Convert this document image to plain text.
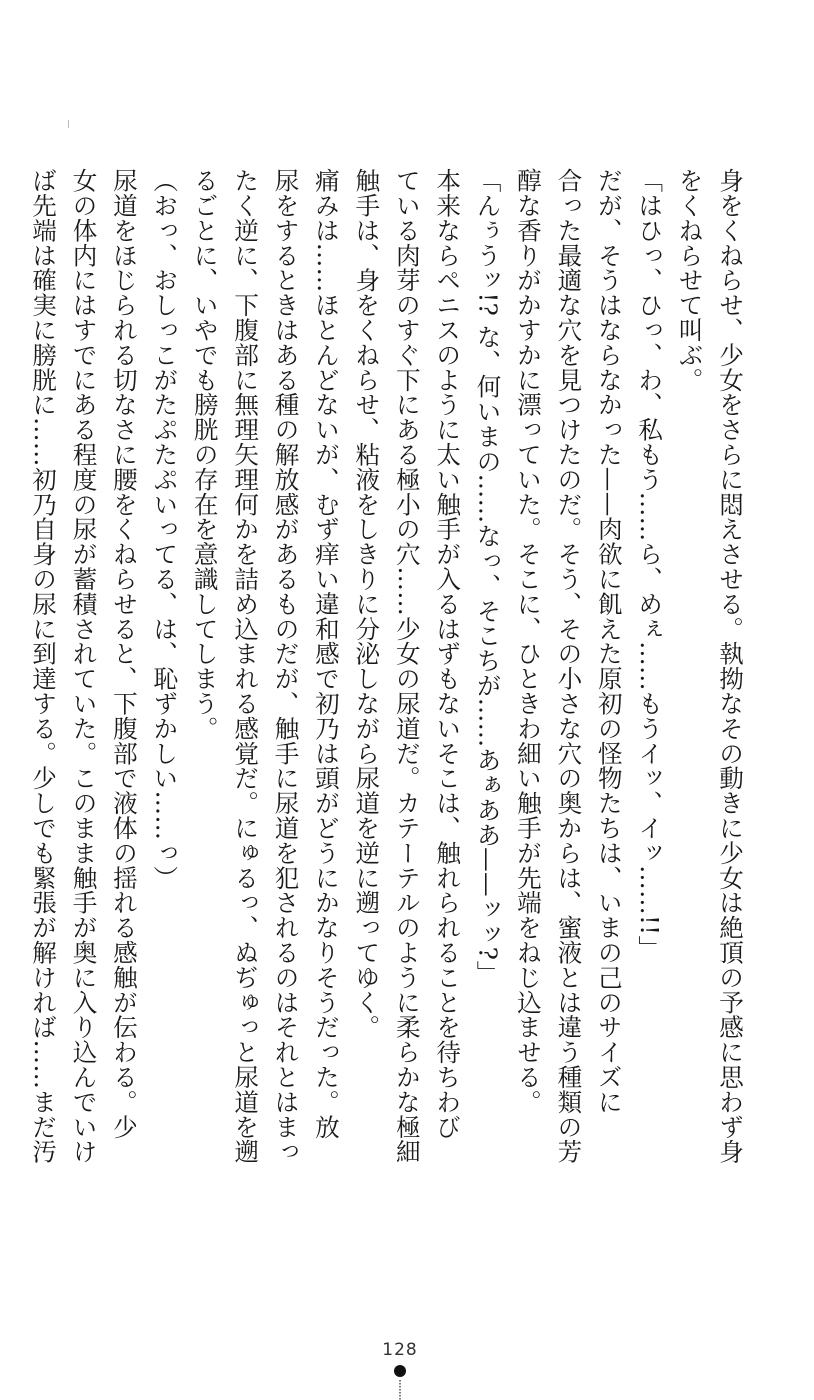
身をくねらせ、少女をさらに悶えさせる。執拗なその動きに少女は絶頂の予感に思わず身
をくねらせて叫ぶ。
「はひっ、ひっ、わ、私もう……ら、めぇ……もうイッ、イッ……!!」
だが、そうはならなかった——肉欲に飢えた原初の怪物たちは、いまの己のサイズに
合った最適な穴を見つけたのだ。そう、その小さな穴の奥からは、蜜液とは違う種類の芳
醇な香りがかすかに漂っていた。そこに、ひときわ細い触手が先端をねじ込ませる。
「んぅうッ!? な、何いまの……なっ、そこちが……あぁああ——ッッ?」
本来ならペニスのように太い触手が入るはずもないそこは、触れられることを待ちわび
ている肉芽のすぐ下にある極小の穴……少女の尿道だ。カテーテルのように柔らかな極細
触手は、身をくねらせ、粘液をしきりに分泌しながら尿道を逆に遡ってゆく。
痛みは……ほとんどないが、むず痒い違和感で初乃は頭がどうにかなりそうだった。放
尿をするときはある種の解放感があるものだが、触手に尿道を犯されるのはそれとはまっ
たく逆に、下腹部に無理矢理何かを詰め込まれる感覚だ。にゅるっ、ぬぢゅっと尿道を遡
るごとに、いやでも膀胱の存在を意識してしまう。
（おっ、おしっこがたぷたぷいってる、は、恥ずかしい……っ）
尿道をほじられる切なさに腰をくねらせると、下腹部で液体の揺れる感触が伝わる。少
女の体内にはすでにある程度の尿が蓄積されていた。このまま触手が奥に入り込んでいけ
ば先端は確実に膀胱に……初乃自身の尿に到達する。少しでも緊張が解ければ……まだ汚
128
